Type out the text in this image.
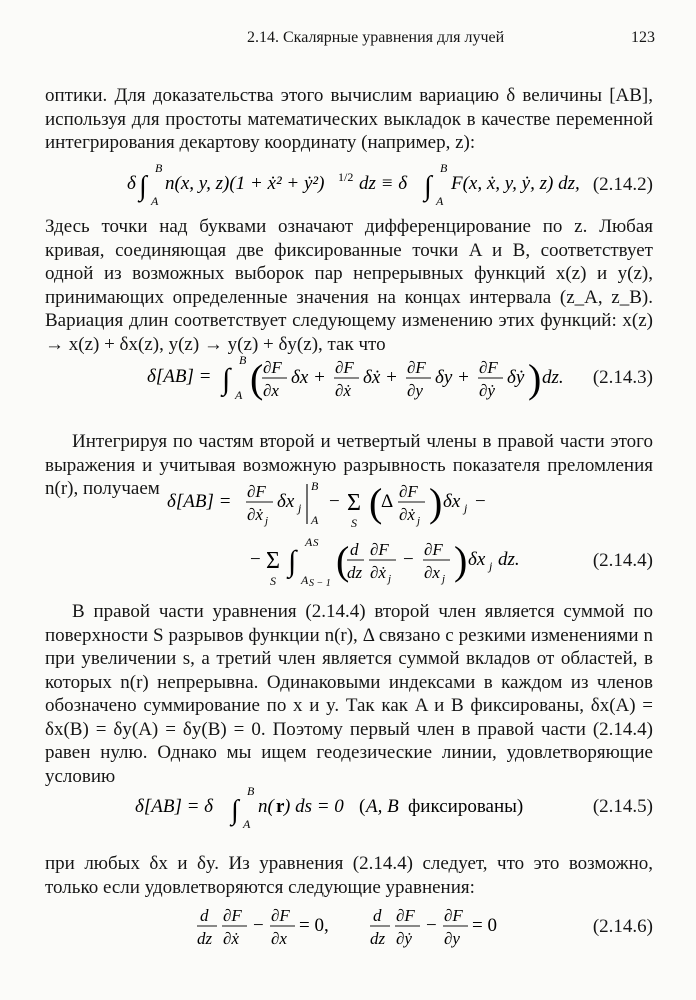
2.14. Скалярные уравнения для лучей	123

оптики. Для доказательства этого вычислим вариацию δ величины [AB], используя для простоты математических выкладок в качестве переменной интегрирования декартову координату (например, z):

δ ∫
B
A
n(x, y, z)(1 + ẋ² + ẏ²) 1/2 dz ≡ δ ∫
B
A
F(x, ẋ, y, ẏ, z) dz, (2.14.2)

Здесь точки над буквами означают дифференцирование по z. Любая кривая, соединяющая две фиксированные точки A и B, соответствует одной из возможных выборок пар непрерывных функций x(z) и y(z), принимающих определенные значения на концах интервала (z_A, z_B). Вариация длин соответствует следующему изменению этих функций: x(z) → x(z) + δx(z), y(z) → y(z) + δy(z), так что

δ[AB] = ∫
B
A ( ∂F
∂x
δx + ∂F
∂ẋ
δẋ + ∂F
∂y
δy + ∂F
∂ẏ
δẏ ) dz. (2.14.3)

Интегрируя по частям второй и четвертый члены в правой части этого выражения и учитывая возможную разрывность показателя преломления n(r), получаем

δ[AB] = ∂F
∂ẋ j
δx j
B
A
− Σ
S (
Δ ∂F
∂ẋ j ) δx j −
− Σ
S
∫
A S
A S − 1
( d
dz
∂F
∂ẋ j
− ∂F
∂x j ) δx j dz.	(2.14.4)

В правой части уравнения (2.14.4) второй член является суммой по поверхности S разрывов функции n(r), Δ связано с резкими изменениями n при увеличении s, а третий член является суммой вкладов от областей, в которых n(r) непрерывна. Одинаковыми индексами в каждом из членов обозначено суммирование по x и y. Так как A и B фиксированы, δx(A) = δx(B) = δy(A) = δy(B) = 0. Поэтому первый член в правой части (2.14.4) равен нулю. Однако мы ищем геодезические линии, удовлетворяющие условию

δ[AB] = δ ∫
B
A
n( r ) ds = 0 ( A, B фиксированы)	(2.14.5)

при любых δx и δy. Из уравнения (2.14.4) следует, что это возможно, только если удовлетворяются следующие уравнения:

d
dz
∂F
∂ẋ
− ∂F
∂x
= 0,	d
dz
∂F
∂ẏ
− ∂F
∂y
= 0	(2.14.6)
